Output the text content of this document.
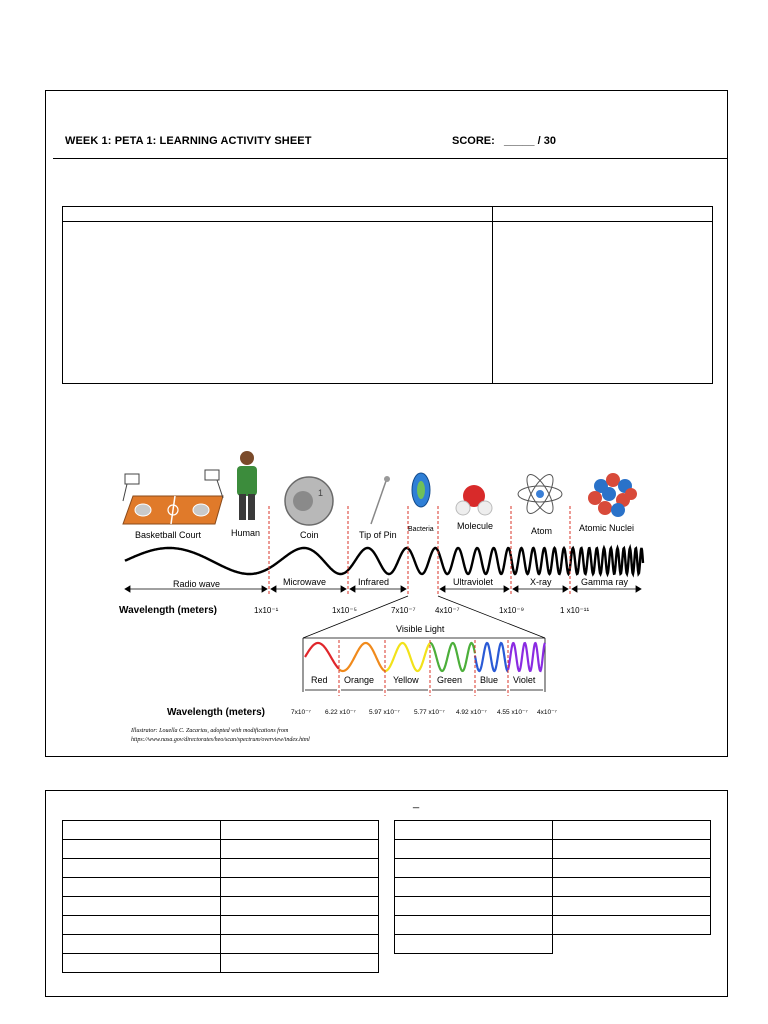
WEEK 1: PETA 1: LEARNING ACTIVITY SHEET	SCORE: _____ / 30

1
Basketball Court	Human	Coin	Tip of Pin
Bacteria	Molecule	Atom	Atomic Nuclei
Radio wave	Microwave	Infrared	Ultraviolet	X-ray	Gamma ray
Wavelength (meters)	1x10⁻¹	1x10⁻⁵	7x10⁻⁷ 4x10⁻⁷	1x10⁻⁹	1 x10⁻¹¹
Visible Light
Red Orange Yellow Green Blue Violet
Wavelength (meters)	7x10⁻⁷ 6.22 x10⁻⁷ 5.97 x10⁻⁷ 5.77 x10⁻⁷ 4.92 x10⁻⁷ 4.55 x10⁻⁷ 4x10⁻⁷
Illustrator: Louella C. Zacarias, adopted with modifications from
https://www.nasa.gov/directorates/heo/scan/spectrum/overview/index.html
_
